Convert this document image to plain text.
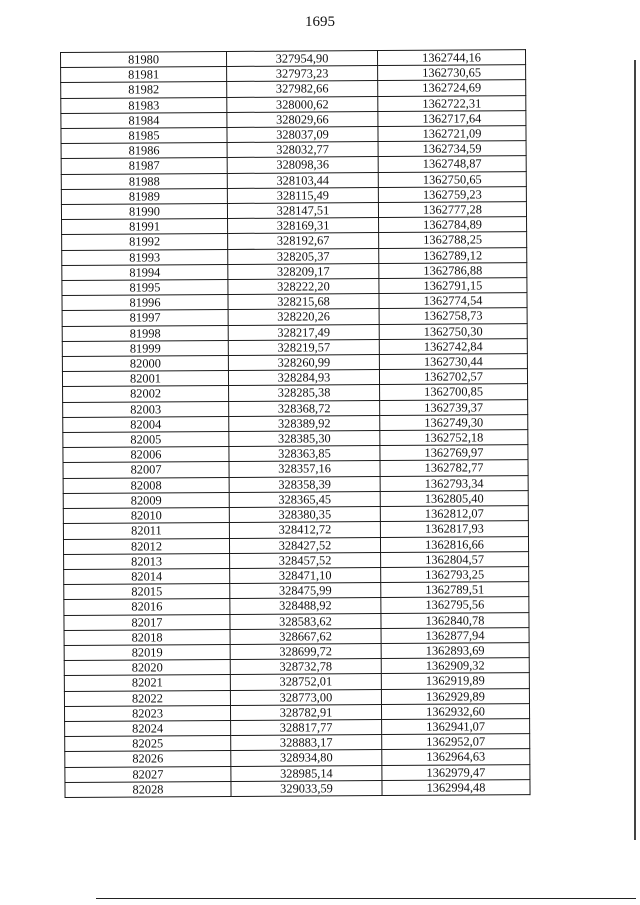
1695
81980	327954,90	1362744,16
81981	327973,23	1362730,65
81982	327982,66	1362724,69
81983	328000,62	1362722,31
81984	328029,66	1362717,64
81985	328037,09	1362721,09
81986	328032,77	1362734,59
81987	328098,36	1362748,87
81988	328103,44	1362750,65
81989	328115,49	1362759,23
81990	328147,51	1362777,28
81991	328169,31	1362784,89
81992	328192,67	1362788,25
81993	328205,37	1362789,12
81994	328209,17	1362786,88
81995	328222,20	1362791,15
81996	328215,68	1362774,54
81997	328220,26	1362758,73
81998	328217,49	1362750,30
81999	328219,57	1362742,84
82000	328260,99	1362730,44
82001	328284,93	1362702,57
82002	328285,38	1362700,85
82003	328368,72	1362739,37
82004	328389,92	1362749,30
82005	328385,30	1362752,18
82006	328363,85	1362769,97
82007	328357,16	1362782,77
82008	328358,39	1362793,34
82009	328365,45	1362805,40
82010	328380,35	1362812,07
82011	328412,72	1362817,93
82012	328427,52	1362816,66
82013	328457,52	1362804,57
82014	328471,10	1362793,25
82015	328475,99	1362789,51
82016	328488,92	1362795,56
82017	328583,62	1362840,78
82018	328667,62	1362877,94
82019	328699,72	1362893,69
82020	328732,78	1362909,32
82021	328752,01	1362919,89
82022	328773,00	1362929,89
82023	328782,91	1362932,60
82024	328817,77	1362941,07
82025	328883,17	1362952,07
82026	328934,80	1362964,63
82027	328985,14	1362979,47
82028	329033,59	1362994,48
